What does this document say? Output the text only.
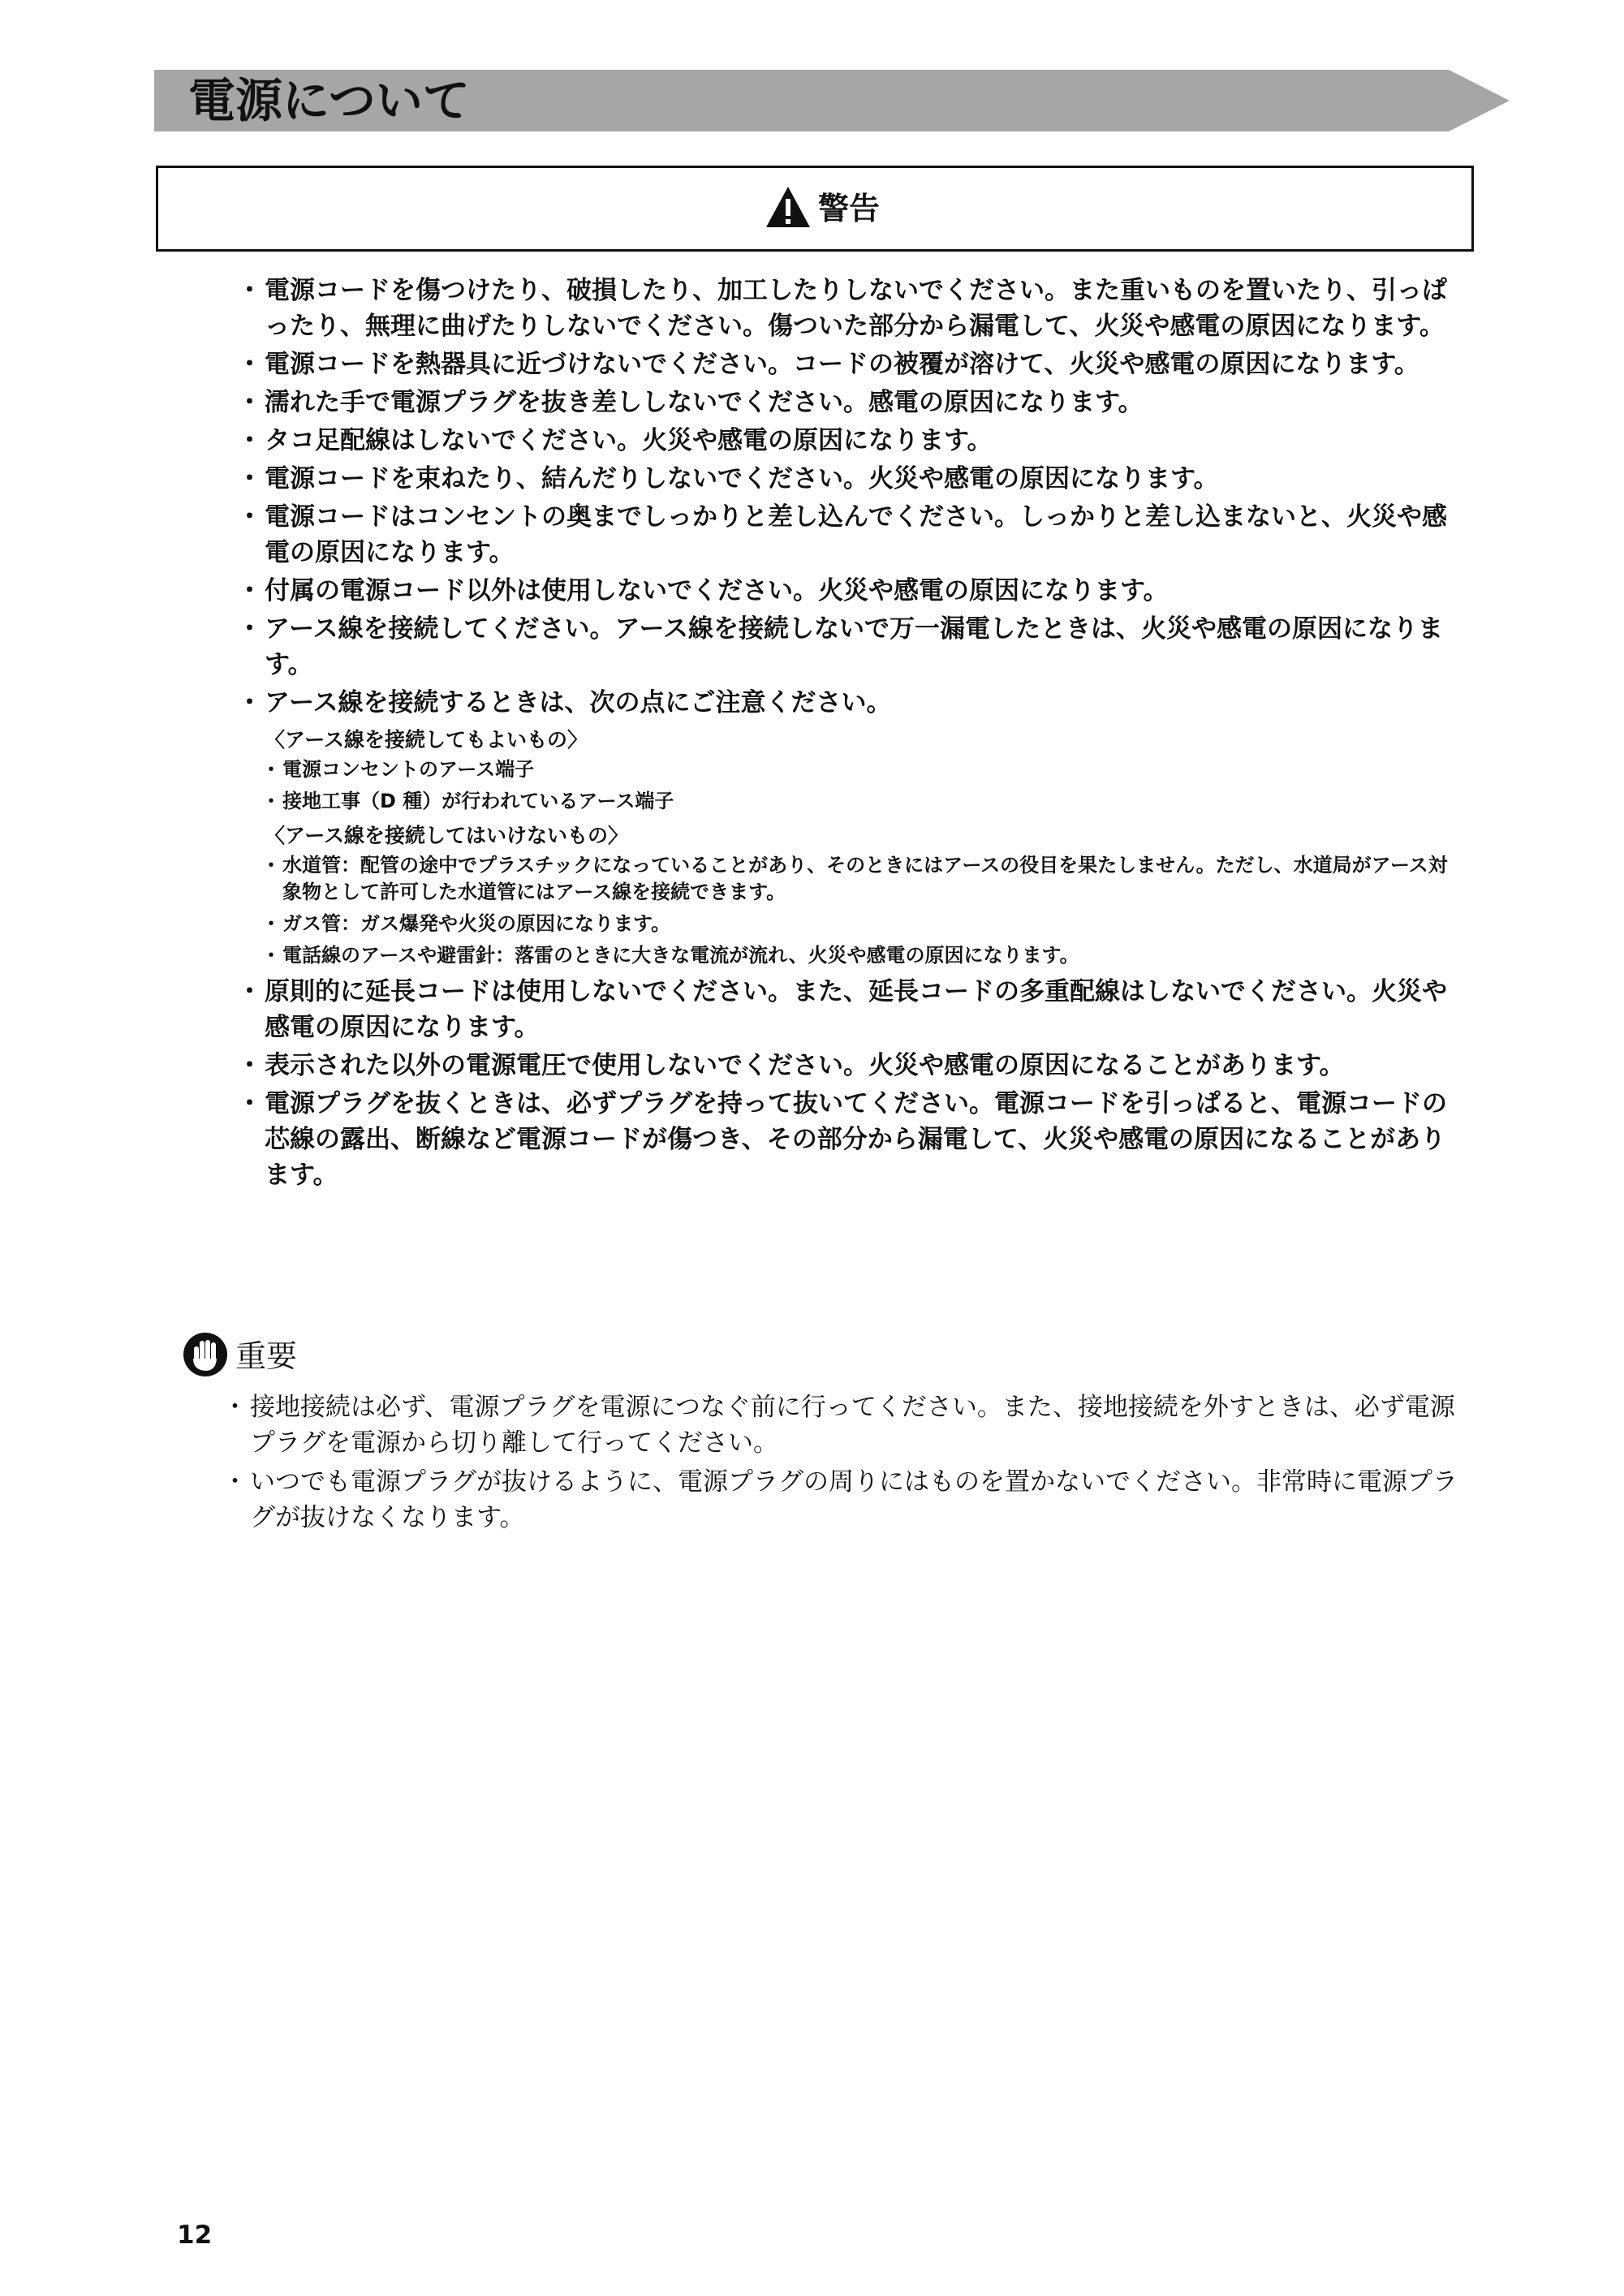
電源について
警告
・ 電源コードを傷つけたり、破損したり、加工したりしないでください。また重いものを置いたり、引っぱったり、無理に曲げたりしないでください。傷ついた部分から漏電して、火災や感電の原因になります。
・ 電源コードを熱器具に近づけないでください。コードの被覆が溶けて、火災や感電の原因になります。
・ 濡れた手で電源プラグを抜き差ししないでください。感電の原因になります。
・ タコ足配線はしないでください。火災や感電の原因になります。
・ 電源コードを束ねたり、結んだりしないでください。火災や感電の原因になります。
・ 電源コードはコンセントの奥までしっかりと差し込んでください。しっかりと差し込まないと、火災や感電の原因になります。
・ 付属の電源コード以外は使用しないでください。火災や感電の原因になります。
・ アース線を接続してください。アース線を接続しないで万一漏電したときは、火災や感電の原因になります。
・ アース線を接続するときは、次の点にご注意ください。
〈アース線を接続してもよいもの〉
・ 電源コンセントのアース端子
・ 接地工事（D 種）が行われているアース端子
〈アース線を接続してはいけないもの〉
・ 水道管：配管の途中でプラスチックになっていることがあり、そのときにはアースの役目を果たしません。ただし、水道局がアース対象物として許可した水道管にはアース線を接続できます。
・ ガス管：ガス爆発や火災の原因になります。
・ 電話線のアースや避雷針：落雷のときに大きな電流が流れ、火災や感電の原因になります。
・ 原則的に延長コードは使用しないでください。また、延長コードの多重配線はしないでください。火災や感電の原因になります。
・ 表示された以外の電源電圧で使用しないでください。火災や感電の原因になることがあります。
・ 電源プラグを抜くときは、必ずプラグを持って抜いてください。電源コードを引っぱると、電源コードの芯線の露出、断線など電源コードが傷つき、その部分から漏電して、火災や感電の原因になることがあります。
重要
・ 接地接続は必ず、電源プラグを電源につなぐ前に行ってください。また、接地接続を外すときは、必ず電源プラグを電源から切り離して行ってください。
・ いつでも電源プラグが抜けるように、電源プラグの周りにはものを置かないでください。非常時に電源プラグが抜けなくなります。
12
